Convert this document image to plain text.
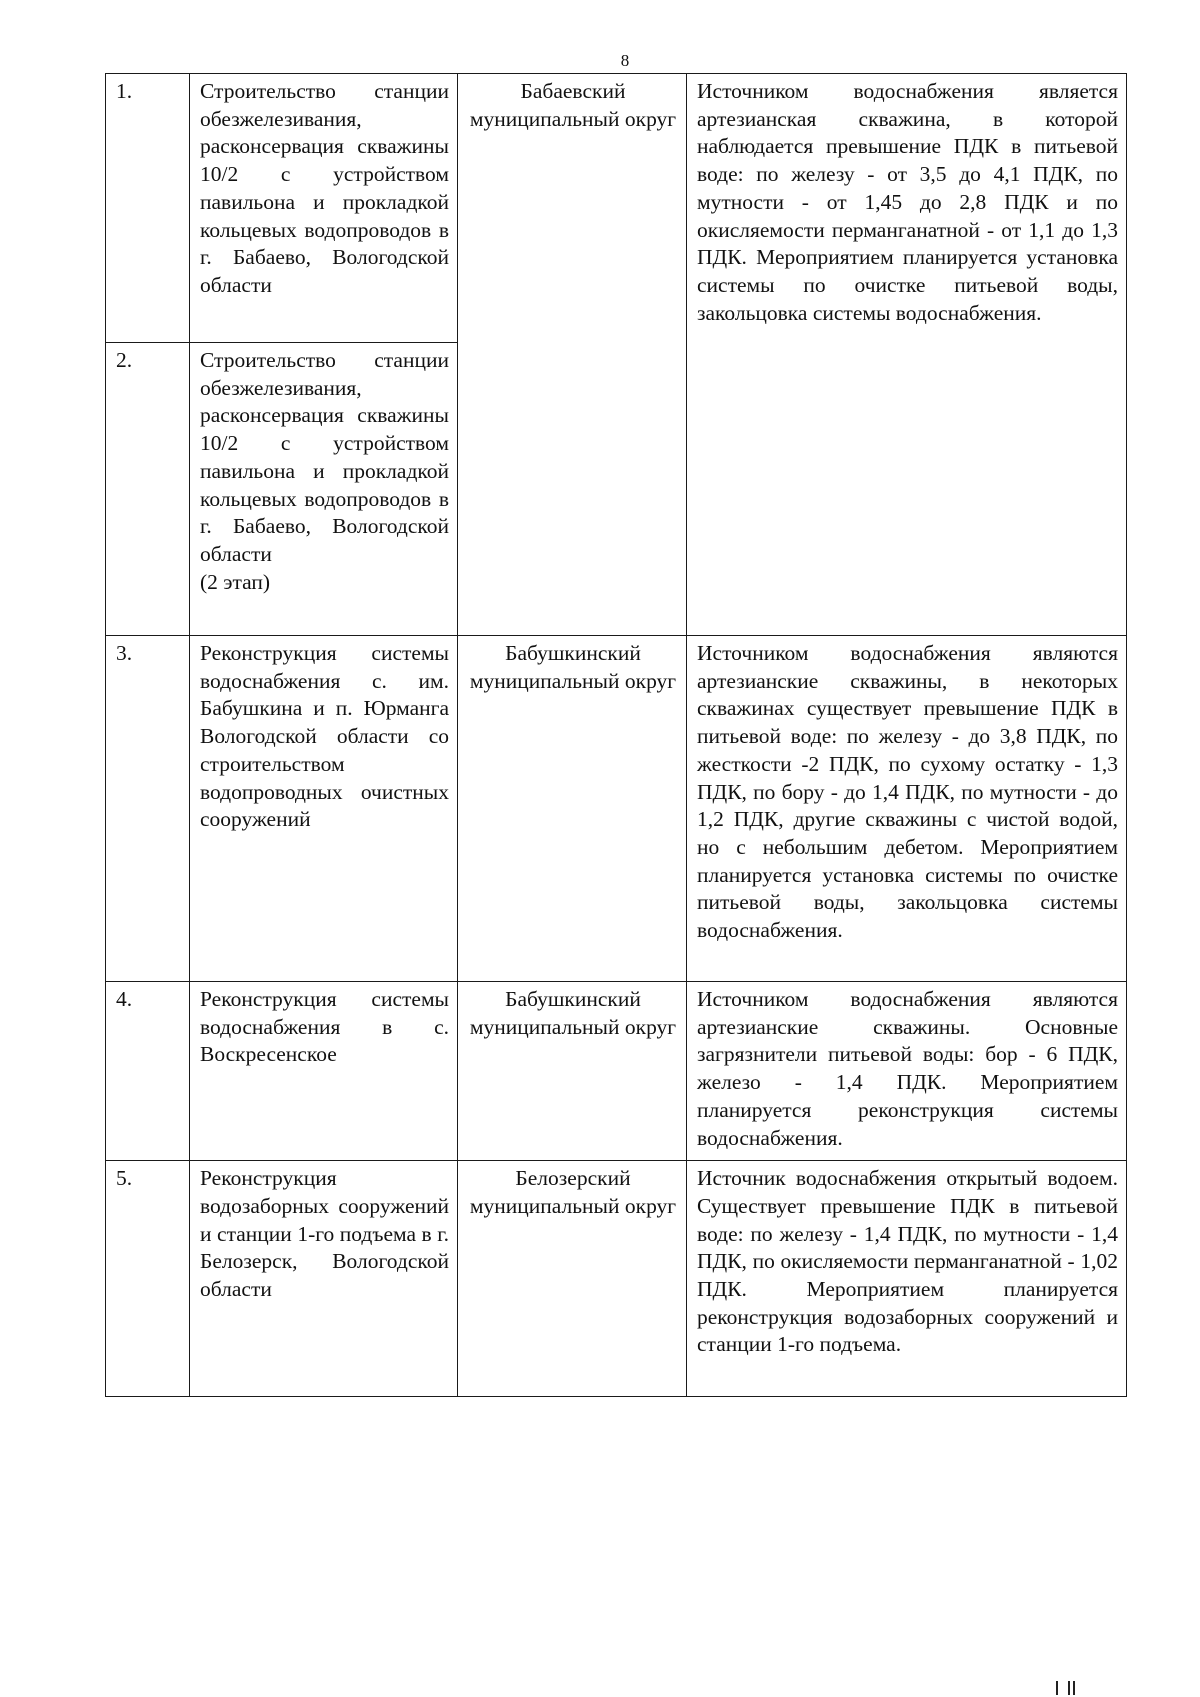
8
1.	Строительство станции обезжелезивания, расконсервация скважины 10/2 с устройством павильона и прокладкой кольцевых водопроводов в г. Бабаево, Вологодской области	Бабаевский муниципальный округ	Источником водоснабжения является артезианская скважина, в которой наблюдается превышение ПДК в питьевой воде: по железу - от 3,5 до 4,1 ПДК, по мутности - от 1,45 до 2,8 ПДК и по окисляемости перманганатной - от 1,1 до 1,3 ПДК. Мероприятием планируется установка системы по очистке питьевой воды, закольцовка системы водоснабжения.
2.	Строительство станции обезжелезивания, расконсервация скважины 10/2 с устройством павильона и прокладкой кольцевых водопроводов в г. Бабаево, Вологодской области
(2 этап)		

3.	Реконструкция системы водоснабжения с. им. Бабушкина и п. Юрманга Вологодской области со строительством водопроводных очистных сооружений	Бабушкинский муниципальный округ	Источником водоснабжения являются артезианские скважины, в некоторых скважинах существует превышение ПДК в питьевой воде: по железу - до 3,8 ПДК, по жесткости -2 ПДК, по сухому остатку - 1,3 ПДК, по бору - до 1,4 ПДК, по мутности - до 1,2 ПДК, другие скважины с чистой водой, но с небольшим дебетом. Мероприятием планируется установка системы по очистке питьевой воды, закольцовка системы водоснабжения.
4.	Реконструкция системы водоснабжения в с. Воскресенское	Бабушкинский муниципальный округ	Источником водоснабжения являются артезианские скважины. Основные загрязнители питьевой воды: бор - 6 ПДК, железо - 1,4 ПДК. Мероприятием планируется реконструкция системы водоснабжения.
5.	Реконструкция водозаборных сооружений и станции 1-го подъема в г. Белозерск, Вологодской области	Белозерский муниципальный округ	Источник водоснабжения открытый водоем. Существует превышение ПДК в питьевой воде: по железу - 1,4 ПДК, по мутности - 1,4 ПДК, по окисляемости перманганатной - 1,02 ПДК. Мероприятием планируется реконструкция водозаборных сооружений и станции 1-го подъема.
